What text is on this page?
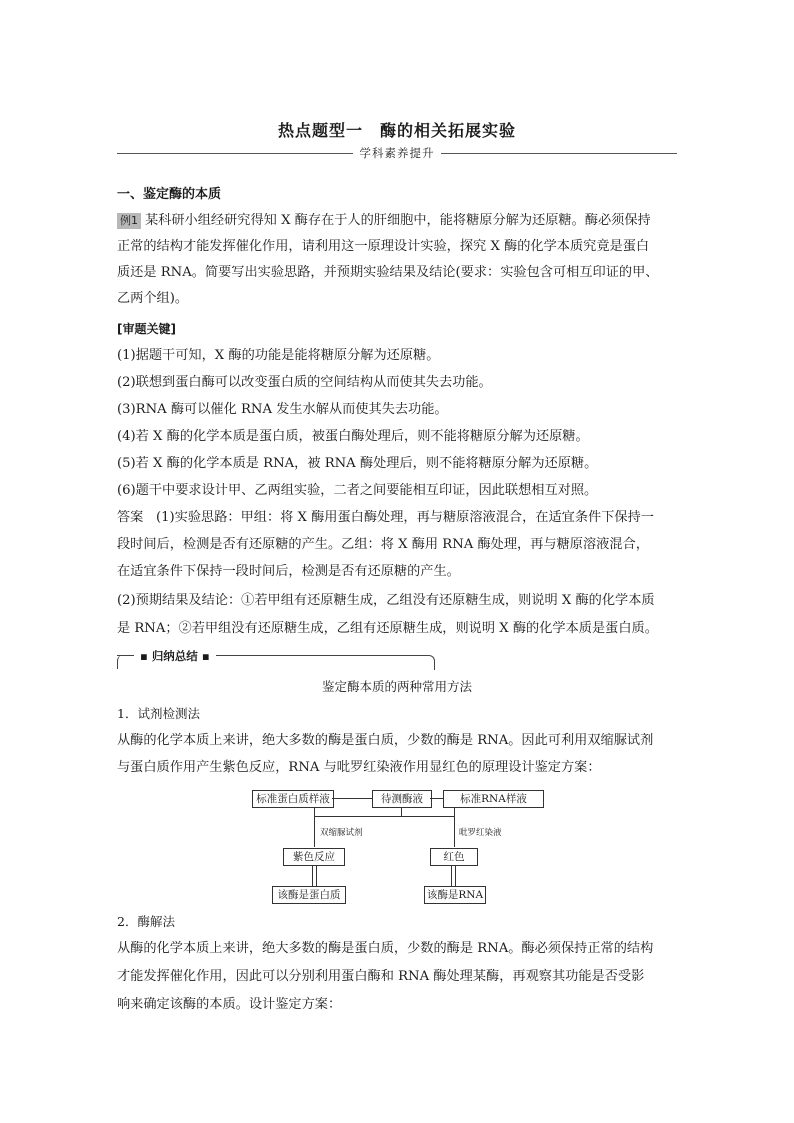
热点题型一　酶的相关拓展实验
学科素养提升
一、鉴定酶的本质
例1 某科研小组经研究得知 X 酶存在于人的肝细胞中，能将糖原分解为还原糖。酶必须保持
正常的结构才能发挥催化作用，请利用这一原理设计实验，探究 X 酶的化学本质究竟是蛋白
质还是 RNA。简要写出实验思路，并预期实验结果及结论(要求：实验包含可相互印证的甲、
乙两个组)。
[审题关键]
(1)据题干可知，X 酶的功能是能将糖原分解为还原糖。
(2)联想到蛋白酶可以改变蛋白质的空间结构从而使其失去功能。
(3)RNA 酶可以催化 RNA 发生水解从而使其失去功能。
(4)若 X 酶的化学本质是蛋白质，被蛋白酶处理后，则不能将糖原分解为还原糖。
(5)若 X 酶的化学本质是 RNA，被 RNA 酶处理后，则不能将糖原分解为还原糖。
(6)题干中要求设计甲、乙两组实验，二者之间要能相互印证，因此联想相互对照。
答案 (1)实验思路：甲组：将 X 酶用蛋白酶处理，再与糖原溶液混合，在适宜条件下保持一
段时间后，检测是否有还原糖的产生。乙组：将 X 酶用 RNA 酶处理，再与糖原溶液混合，
在适宜条件下保持一段时间后，检测是否有还原糖的产生。
(2)预期结果及结论：①若甲组有还原糖生成，乙组没有还原糖生成，则说明 X 酶的化学本质
是 RNA；②若甲组没有还原糖生成，乙组有还原糖生成，则说明 X 酶的化学本质是蛋白质。
▪ 归纳总结 ▪
鉴定酶本质的两种常用方法
1．试剂检测法
从酶的化学本质上来讲，绝大多数的酶是蛋白质，少数的酶是 RNA。因此可利用双缩脲试剂
与蛋白质作用产生紫色反应，RNA 与吡罗红染液作用显红色的原理设计鉴定方案：
标准蛋白质样液	待测酶液	标准RNA样液
双缩脲试剂	吡罗红染液
紫色反应	红色
该酶是蛋白质	该酶是RNA
2．酶解法
从酶的化学本质上来讲，绝大多数的酶是蛋白质，少数的酶是 RNA。酶必须保持正常的结构
才能发挥催化作用，因此可以分别利用蛋白酶和 RNA 酶处理某酶，再观察其功能是否受影
响来确定该酶的本质。设计鉴定方案：
